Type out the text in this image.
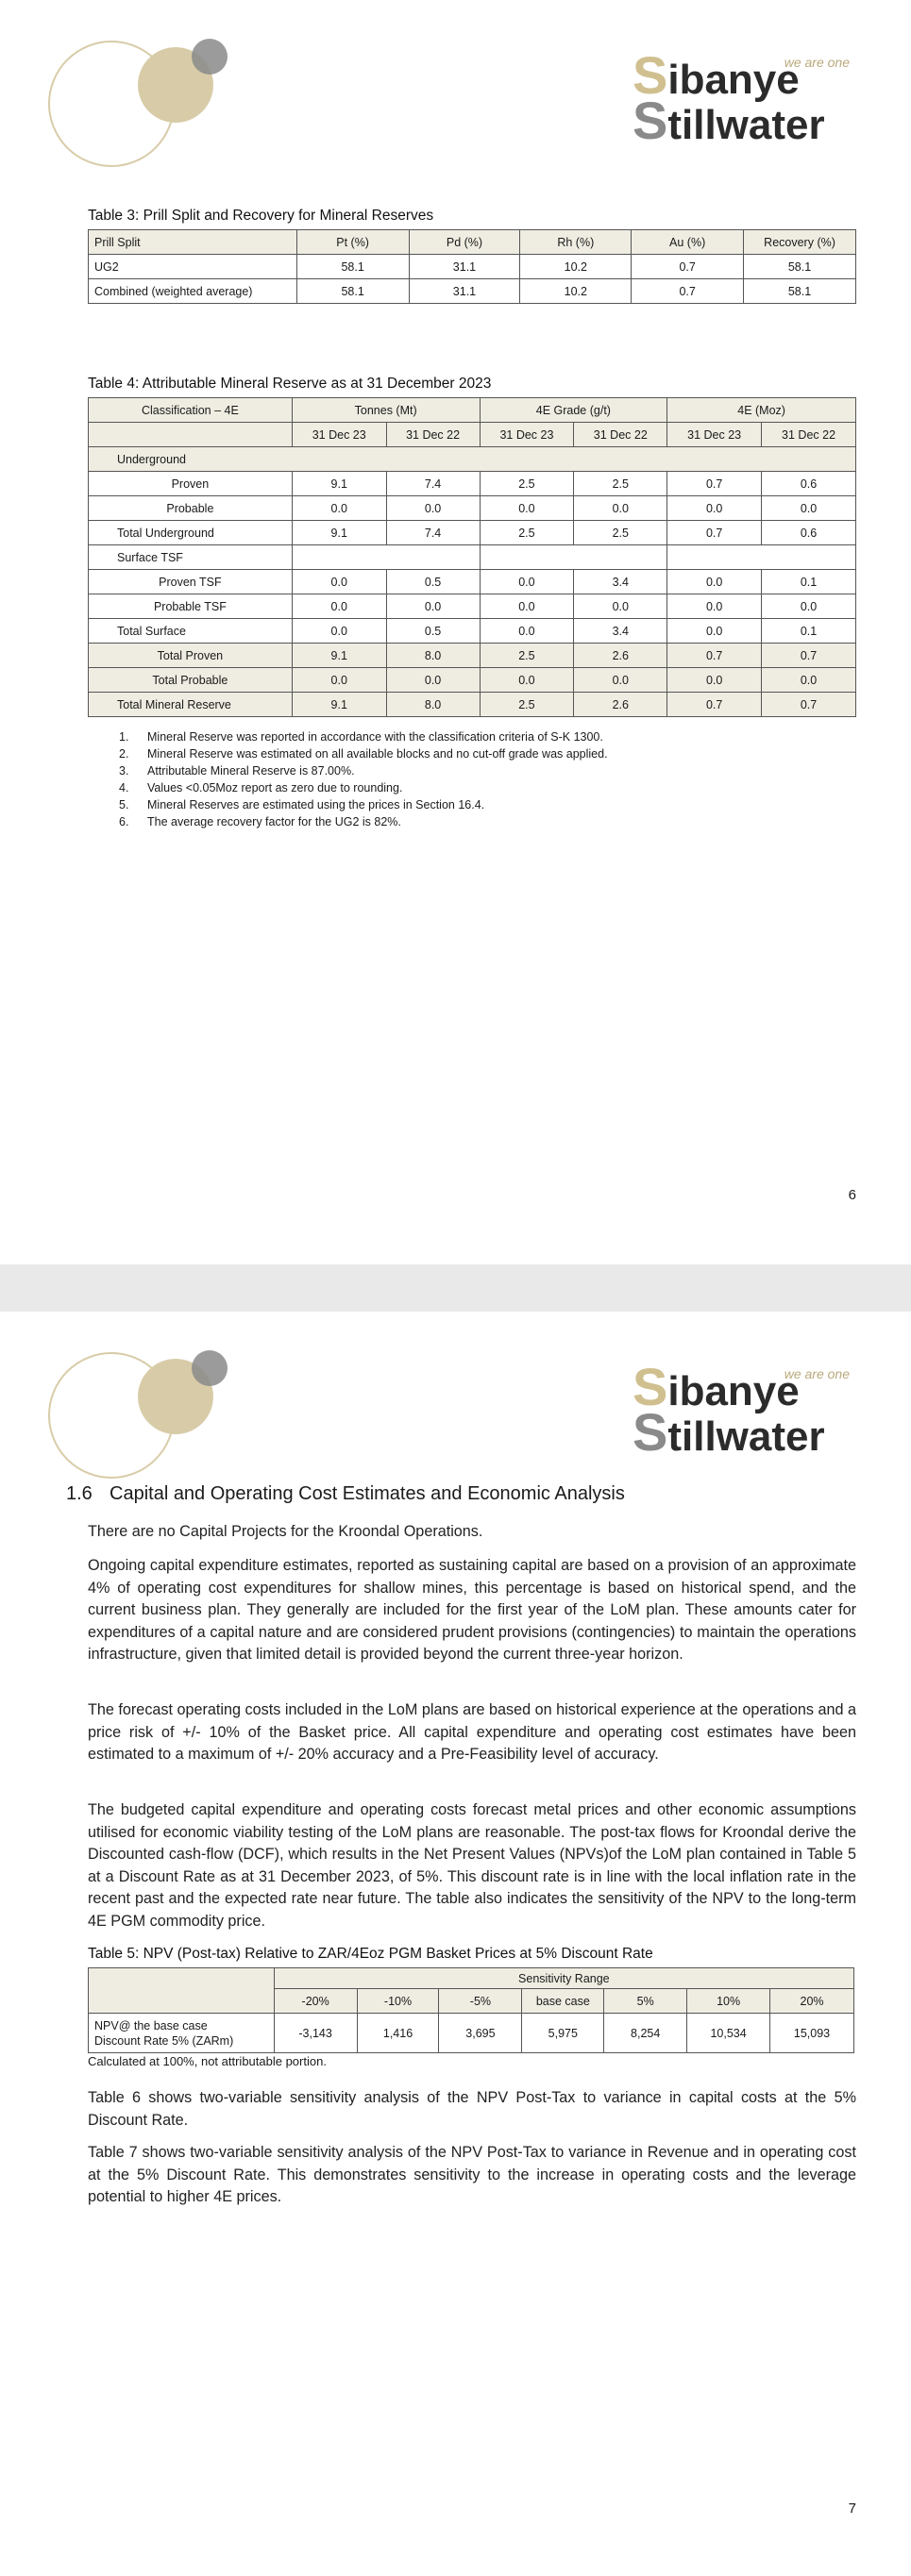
we are one
Sibanye
Stillwater
Table 3: Prill Split and Recovery for Mineral Reserves
Prill Split	Pt (%)	Pd (%)	Rh (%)	Au (%)	Recovery (%)
UG2	58.1	31.1	10.2	0.7	58.1
Combined (weighted average)	58.1	31.1	10.2	0.7	58.1
Table 4: Attributable Mineral Reserve as at 31 December 2023
Classification – 4E	Tonnes (Mt)		4E Grade (g/t)		4E (Moz)	
	31 Dec 23	31 Dec 22	31 Dec 23	31 Dec 22	31 Dec 23	31 Dec 22
Underground						
Proven	9.1	7.4	2.5	2.5	0.7	0.6
Probable	0.0	0.0	0.0	0.0	0.0	0.0
Total Underground	9.1	7.4	2.5	2.5	0.7	0.6
Surface TSF						
Proven TSF	0.0	0.5	0.0	3.4	0.0	0.1
Probable TSF	0.0	0.0	0.0	0.0	0.0	0.0
Total Surface	0.0	0.5	0.0	3.4	0.0	0.1
Total Proven	9.1	8.0	2.5	2.6	0.7	0.7
Total Probable	0.0	0.0	0.0	0.0	0.0	0.0
Total Mineral Reserve	9.1	8.0	2.5	2.6	0.7	0.7
1. Mineral Reserve was reported in accordance with the classification criteria of S-K 1300.
2. Mineral Reserve was estimated on all available blocks and no cut-off grade was applied.
3. Attributable Mineral Reserve is 87.00%.
4. Values <0.05Moz report as zero due to rounding.
5. Mineral Reserves are estimated using the prices in Section 16.4.
6. The average recovery factor for the UG2 is 82%.
6
we are one
Sibanye
Stillwater
1.6 Capital and Operating Cost Estimates and Economic Analysis

There are no Capital Projects for the Kroondal Operations.

Ongoing capital expenditure estimates, reported as sustaining capital are based on a provision of an approximate 4% of operating cost expenditures for shallow mines, this percentage is based on historical spend, and the current business plan. They generally are included for the first year of the LoM plan. These amounts cater for expenditures of a capital nature and are considered prudent provisions (contingencies) to maintain the operations infrastructure, given that limited detail is provided beyond the current three-year horizon.

The forecast operating costs included in the LoM plans are based on historical experience at the operations and a price risk of +/- 10% of the Basket price. All capital expenditure and operating cost estimates have been estimated to a maximum of +/- 20% accuracy and a Pre-Feasibility level of accuracy.

The budgeted capital expenditure and operating costs forecast metal prices and other economic assumptions utilised for economic viability testing of the LoM plans are reasonable. The post-tax flows for Kroondal derive the Discounted cash-flow (DCF), which results in the Net Present Values (NPVs)of the LoM plan contained in Table 5 at a Discount Rate as at 31 December 2023, of 5%. This discount rate is in line with the local inflation rate in the recent past and the expected rate near future. The table also indicates the sensitivity of the NPV to the long-term 4E PGM commodity price.

Table 5: NPV (Post-tax) Relative to ZAR/4Eoz PGM Basket Prices at 5% Discount Rate
	Sensitivity Range						
	-20%	-10%	-5%	base case	5%	10%	20%

NPV@ the base case
Discount Rate 5% (ZARm)	-3,143	1,416	3,695	5,975	8,254	10,534	15,093
Calculated at 100%, not attributable portion.

Table 6 shows two-variable sensitivity analysis of the NPV Post-Tax to variance in capital costs at the 5% Discount Rate.

Table 7 shows two-variable sensitivity analysis of the NPV Post-Tax to variance in Revenue and in operating cost at the 5% Discount Rate. This demonstrates sensitivity to the increase in operating costs and the leverage potential to higher 4E prices.

7
